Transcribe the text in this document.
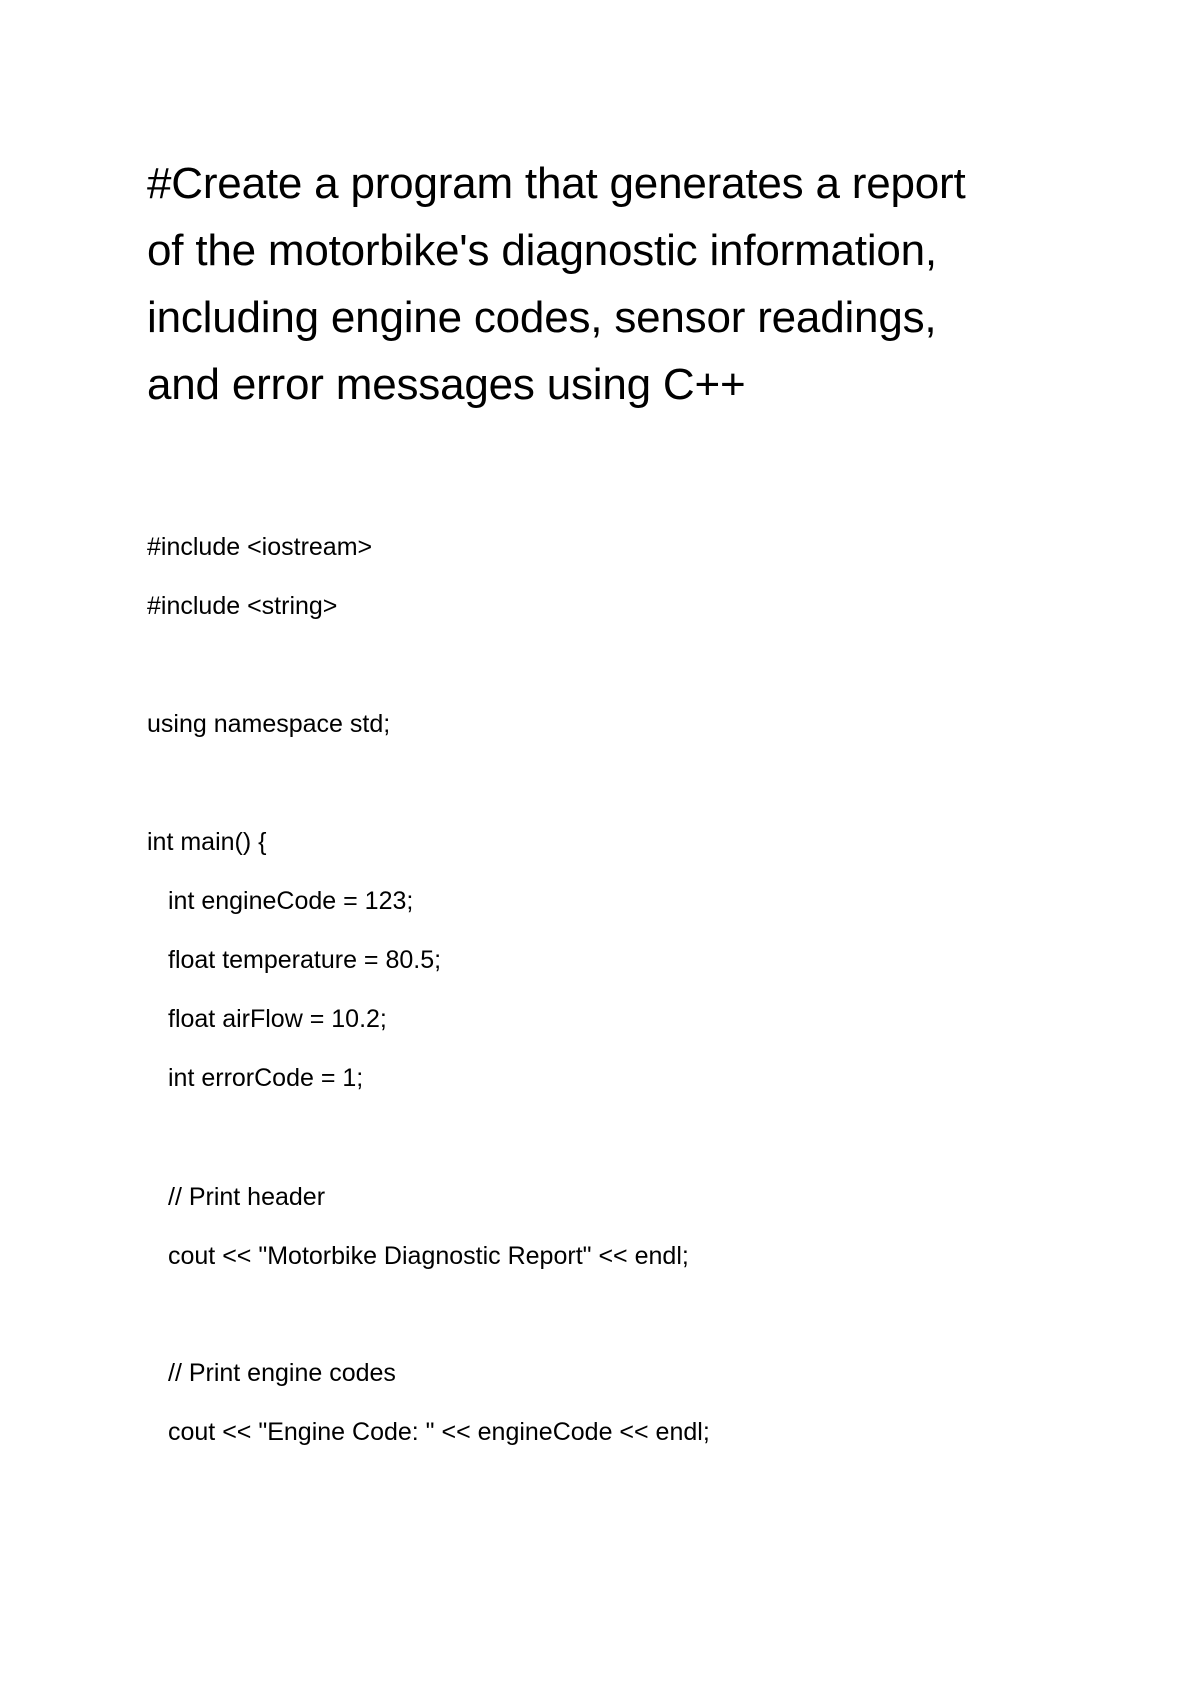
#Create a program that generates a report
of the motorbike's diagnostic information,
including engine codes, sensor readings,
and error messages using C++
#include <iostream>
#include <string>
using namespace std;
int main() {
int engineCode = 123;
float temperature = 80.5;
float airFlow = 10.2;
int errorCode = 1;
// Print header
cout << "Motorbike Diagnostic Report" << endl;
// Print engine codes
cout << "Engine Code: " << engineCode << endl;
